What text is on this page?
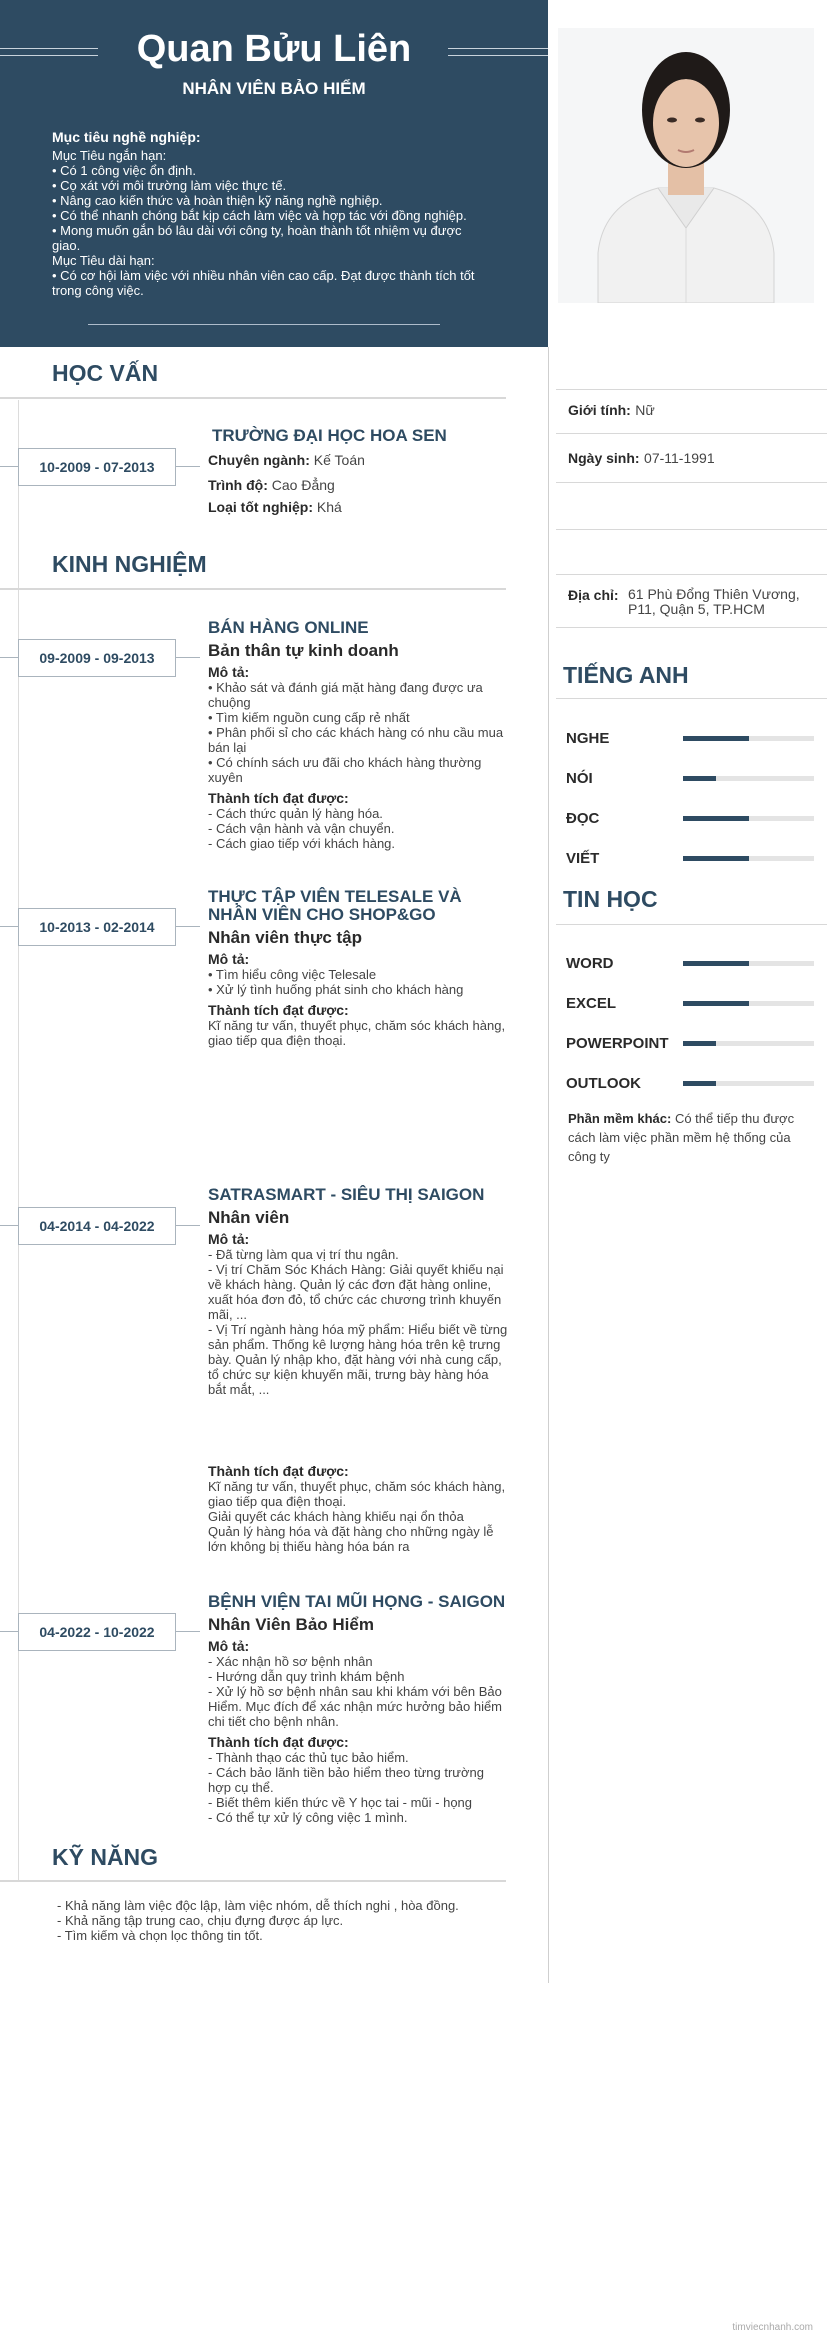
Quan Bửu Liên
NHÂN VIÊN BẢO HIỂM
Mục tiêu nghề nghiệp:
Mục Tiêu ngắn hạn:
• Có 1 công việc ổn định.
• Cọ xát với môi trường làm việc thực tế.
• Nâng cao kiến thức và hoàn thiện kỹ năng nghề nghiệp.
• Có thể nhanh chóng bắt kịp cách làm việc và hợp tác với đồng nghiệp.
• Mong muốn gắn bó lâu dài với công ty, hoàn thành tốt nhiệm vụ được giao.
Mục Tiêu dài hạn:
• Có cơ hội làm việc với nhiều nhân viên cao cấp. Đạt được thành tích tốt trong công việc.
HỌC VẤN
10-2009 - 07-2013
TRƯỜNG ĐẠI HỌC HOA SEN
Chuyên ngành: Kế Toán
Trình độ: Cao Đẳng
Loại tốt nghiệp: Khá
KINH NGHIỆM
09-2009 - 09-2013
BÁN HÀNG ONLINE
Bản thân tự kinh doanh
Mô tả:
• Khảo sát và đánh giá mặt hàng đang được ưa chuộng
• Tìm kiếm nguồn cung cấp rẻ nhất
• Phân phối sỉ cho các khách hàng có nhu cầu mua bán lại
• Có chính sách ưu đãi cho khách hàng thường xuyên
Thành tích đạt được:
- Cách thức quản lý hàng hóa.
- Cách vận hành và vận chuyển.
- Cách giao tiếp với khách hàng.
10-2013 - 02-2014
THỰC TẬP VIÊN TELESALE VÀ NHÂN VIÊN CHO SHOP&GO
Nhân viên thực tập
Mô tả:
• Tìm hiểu công việc Telesale
• Xử lý tình huống phát sinh cho khách hàng
Thành tích đạt được:
Kĩ năng tư vấn, thuyết phục, chăm sóc khách hàng, giao tiếp qua điện thoại.
04-2014 - 04-2022
SATRASMART - SIÊU THỊ SAIGON
Nhân viên
Mô tả:
- Đã từng làm qua vị trí thu ngân.
- Vị trí Chăm Sóc Khách Hàng: Giải quyết khiếu nại về khách hàng. Quản lý các đơn đặt hàng online, xuất hóa đơn đỏ, tổ chức các chương trình khuyến mãi, ...
- Vị Trí ngành hàng hóa mỹ phẩm: Hiểu biết về từng sản phẩm. Thống kê lượng hàng hóa trên kệ trưng bày. Quản lý nhập kho, đặt hàng với nhà cung cấp, tổ chức sự kiện khuyến mãi, trưng bày hàng hóa bắt mắt, ...
Thành tích đạt được:
Kĩ năng tư vấn, thuyết phục, chăm sóc khách hàng, giao tiếp qua điện thoại.
Giải quyết các khách hàng khiếu nại ổn thỏa
Quản lý hàng hóa và đặt hàng cho những ngày lễ lớn không bị thiếu hàng hóa bán ra
04-2022 - 10-2022
BỆNH VIỆN TAI MŨI HỌNG - SAIGON
Nhân Viên Bảo Hiểm
Mô tả:
- Xác nhận hồ sơ bệnh nhân
- Hướng dẫn quy trình khám bệnh
- Xử lý hồ sơ bệnh nhân sau khi khám với bên Bảo Hiểm. Mục đích để xác nhận mức hưởng bảo hiểm chi tiết cho bệnh nhân.
Thành tích đạt được:
- Thành thạo các thủ tục bảo hiểm.
- Cách bảo lãnh tiền bảo hiểm theo từng trường hợp cụ thể.
- Biết thêm kiến thức về Y học tai - mũi - họng
- Có thể tự xử lý công việc 1 mình.
KỸ NĂNG
- Khả năng làm việc độc lập, làm việc nhóm, dễ thích nghi , hòa đồng.
- Khả năng tập trung cao, chịu đựng được áp lực.
- Tìm kiếm và chọn lọc thông tin tốt.
Giới tính: Nữ
Ngày sinh: 07-11-1991
Địa chỉ: 61 Phù Đổng Thiên Vương, P11, Quận 5, TP.HCM
TIẾNG ANH
NGHE
NÓI
ĐỌC
VIẾT
TIN HỌC
WORD
EXCEL
POWERPOINT
OUTLOOK
Phần mềm khác: Có thể tiếp thu được cách làm việc phần mềm hệ thống của công ty
timviecnhanh.com
